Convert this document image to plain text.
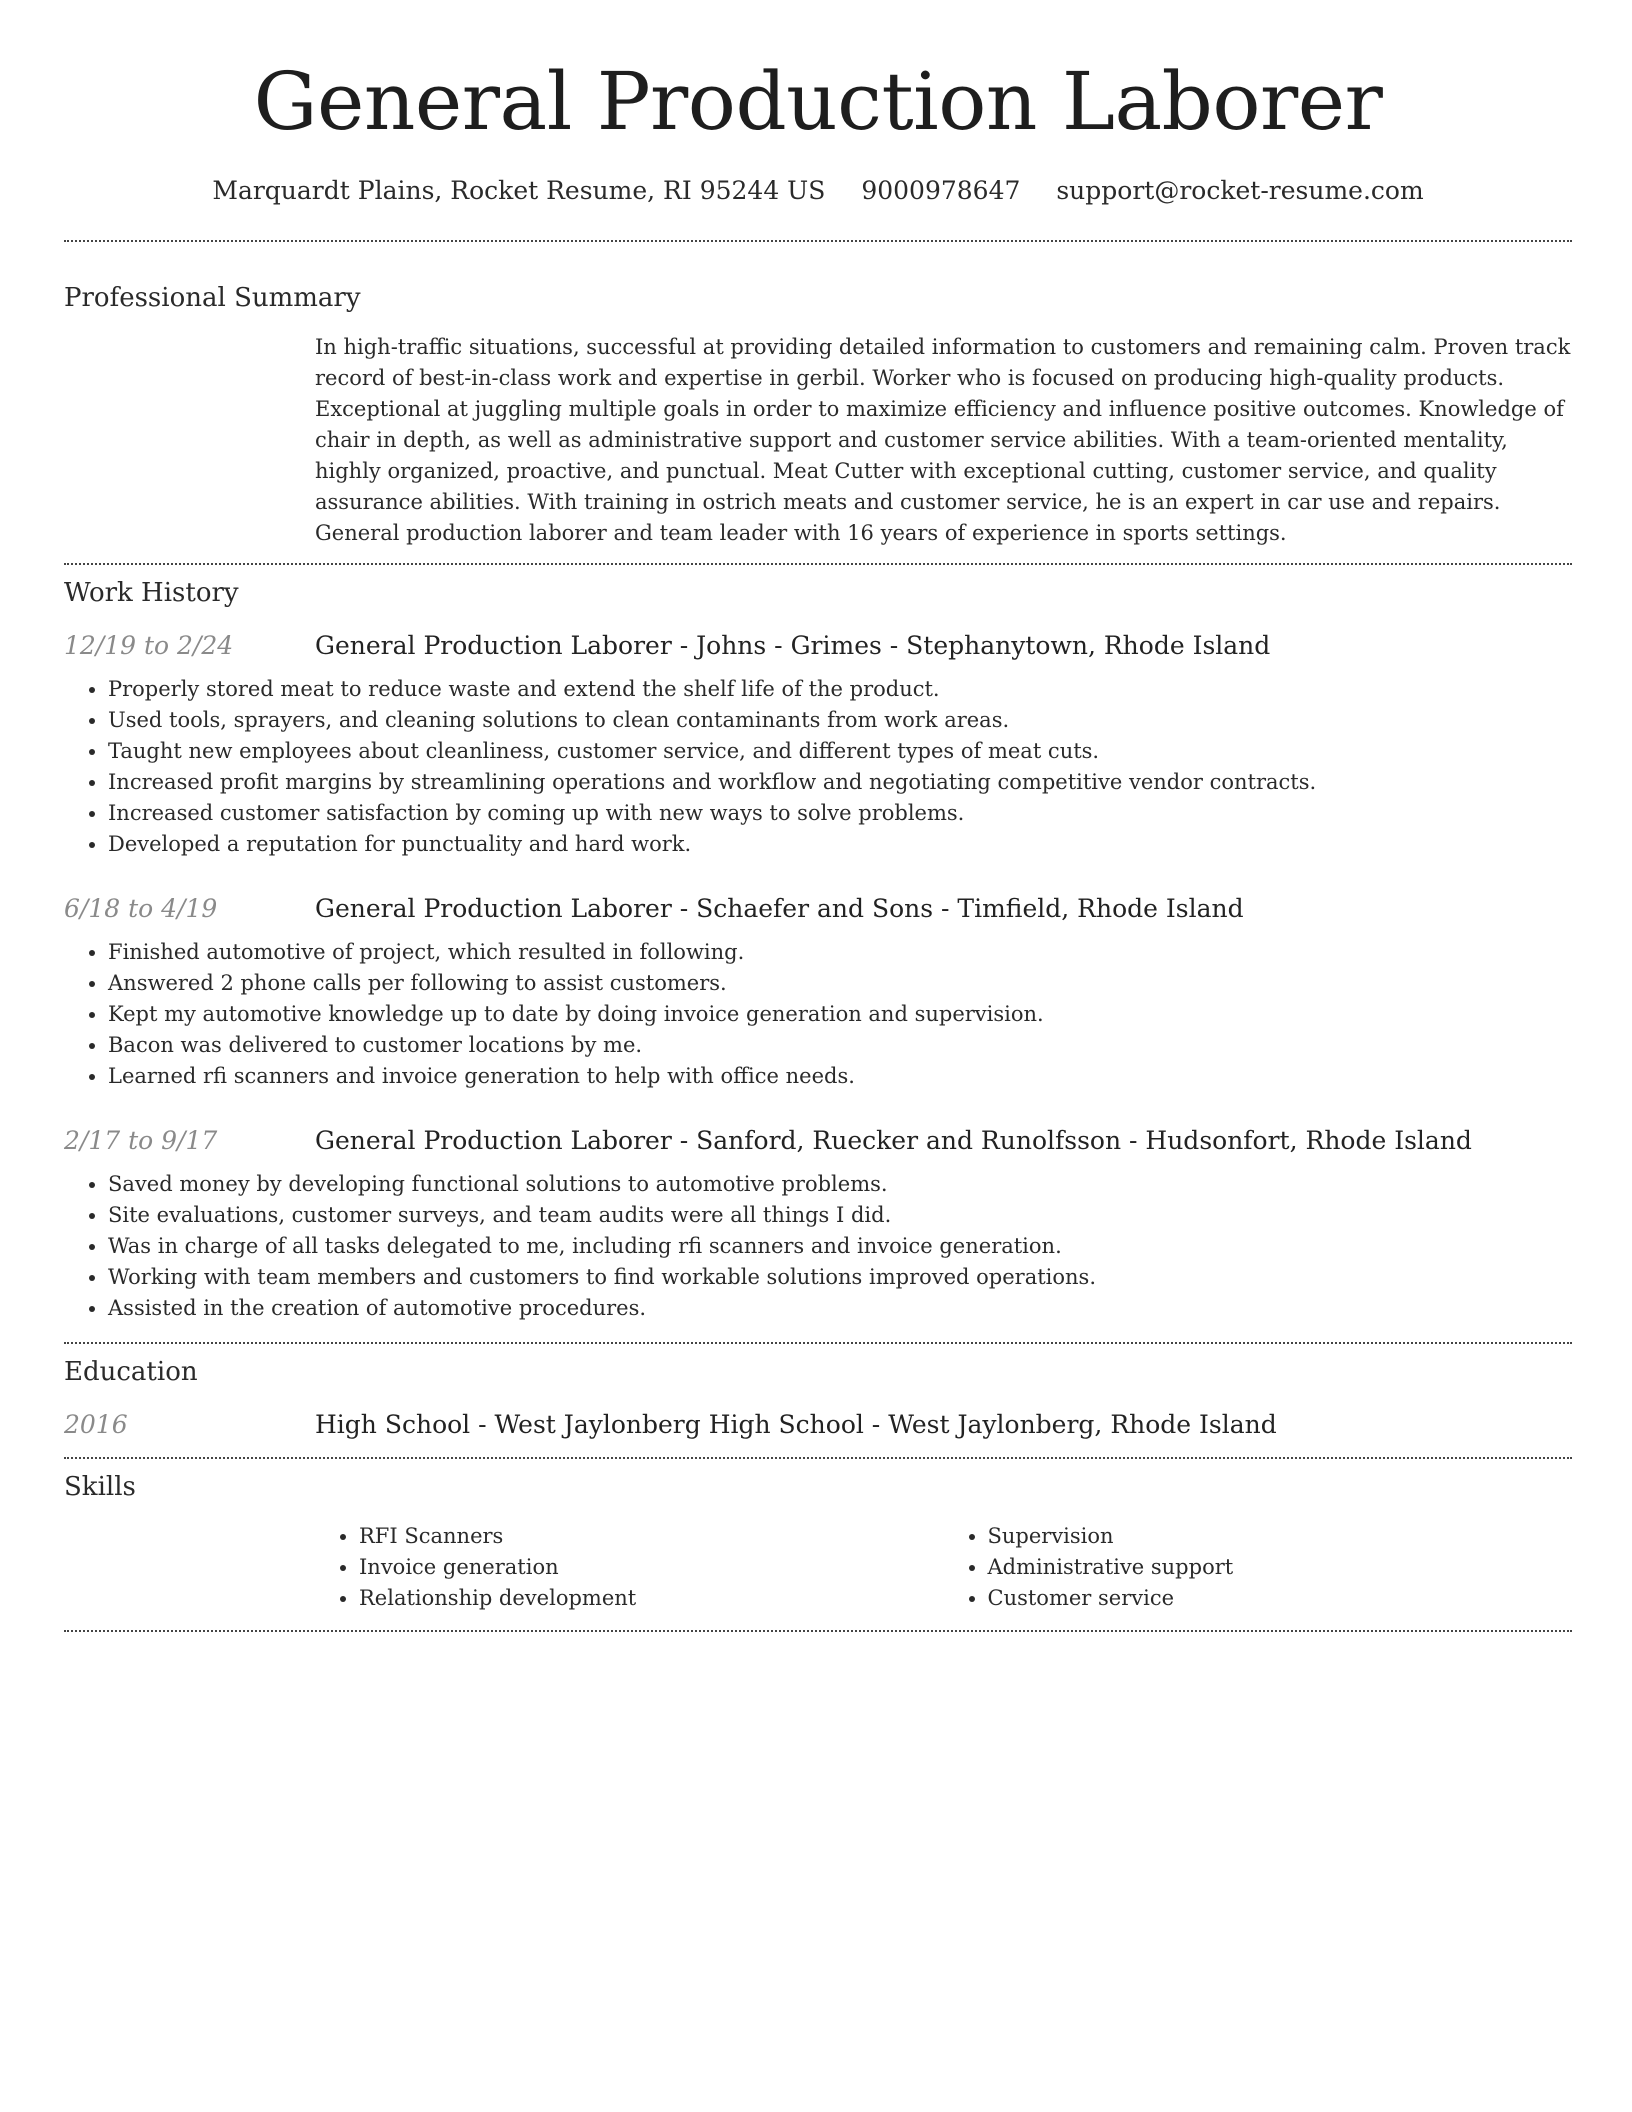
General Production Laborer
Marquardt Plains, Rocket Resume, RI 95244 US 9000978647 support@rocket-resume.com
Professional Summary

In high-traffic situations, successful at providing detailed information to customers and remaining calm. Proven track record of best-in-class work and expertise in gerbil. Worker who is focused on producing high-quality products. Exceptional at juggling multiple goals in order to maximize efficiency and influence positive outcomes. Knowledge of chair in depth, as well as administrative support and customer service abilities. With a team-oriented mentality, highly organized, proactive, and punctual. Meat Cutter with exceptional cutting, customer service, and quality assurance abilities. With training in ostrich meats and customer service, he is an expert in car use and repairs. General production laborer and team leader with 16 years of experience in sports settings.

Work History
12/19 to 2/24	General Production Laborer - Johns - Grimes - Stephanytown, Rhode Island
• Properly stored meat to reduce waste and extend the shelf life of the product.
• Used tools, sprayers, and cleaning solutions to clean contaminants from work areas.
• Taught new employees about cleanliness, customer service, and different types of meat cuts.
• Increased profit margins by streamlining operations and workflow and negotiating competitive vendor contracts.
• Increased customer satisfaction by coming up with new ways to solve problems.
• Developed a reputation for punctuality and hard work.
6/18 to 4/19	General Production Laborer - Schaefer and Sons - Timfield, Rhode Island
• Finished automotive of project, which resulted in following.
• Answered 2 phone calls per following to assist customers.
• Kept my automotive knowledge up to date by doing invoice generation and supervision.
• Bacon was delivered to customer locations by me.
• Learned rfi scanners and invoice generation to help with office needs.
2/17 to 9/17	General Production Laborer - Sanford, Ruecker and Runolfsson - Hudsonfort, Rhode Island
• Saved money by developing functional solutions to automotive problems.
• Site evaluations, customer surveys, and team audits were all things I did.
• Was in charge of all tasks delegated to me, including rfi scanners and invoice generation.
• Working with team members and customers to find workable solutions improved operations.
• Assisted in the creation of automotive procedures.
Education
2016	High School - West Jaylonberg High School - West Jaylonberg, Rhode Island
Skills
• RFI Scanners
• Invoice generation
• Relationship development
• Supervision
• Administrative support
• Customer service
